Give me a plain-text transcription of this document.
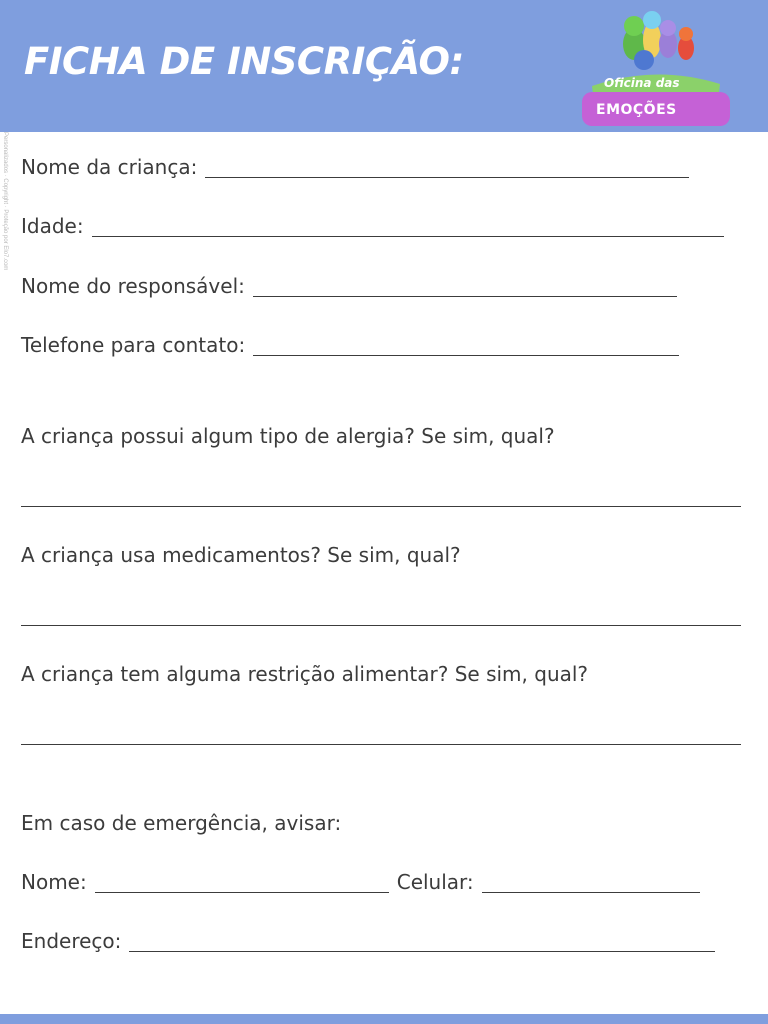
FICHA DE INSCRIÇÃO:	Oficina das
EMOÇÕES
Personalizados · Copyright · Proteção por Elo7.com Nome da criança:
Idade:
Nome do responsável:
Telefone para contato:
A criança possui algum tipo de alergia? Se sim, qual?
A criança usa medicamentos? Se sim, qual?
A criança tem alguma restrição alimentar? Se sim, qual?
Em caso de emergência, avisar:
Nome:	Celular:
Endereço:
